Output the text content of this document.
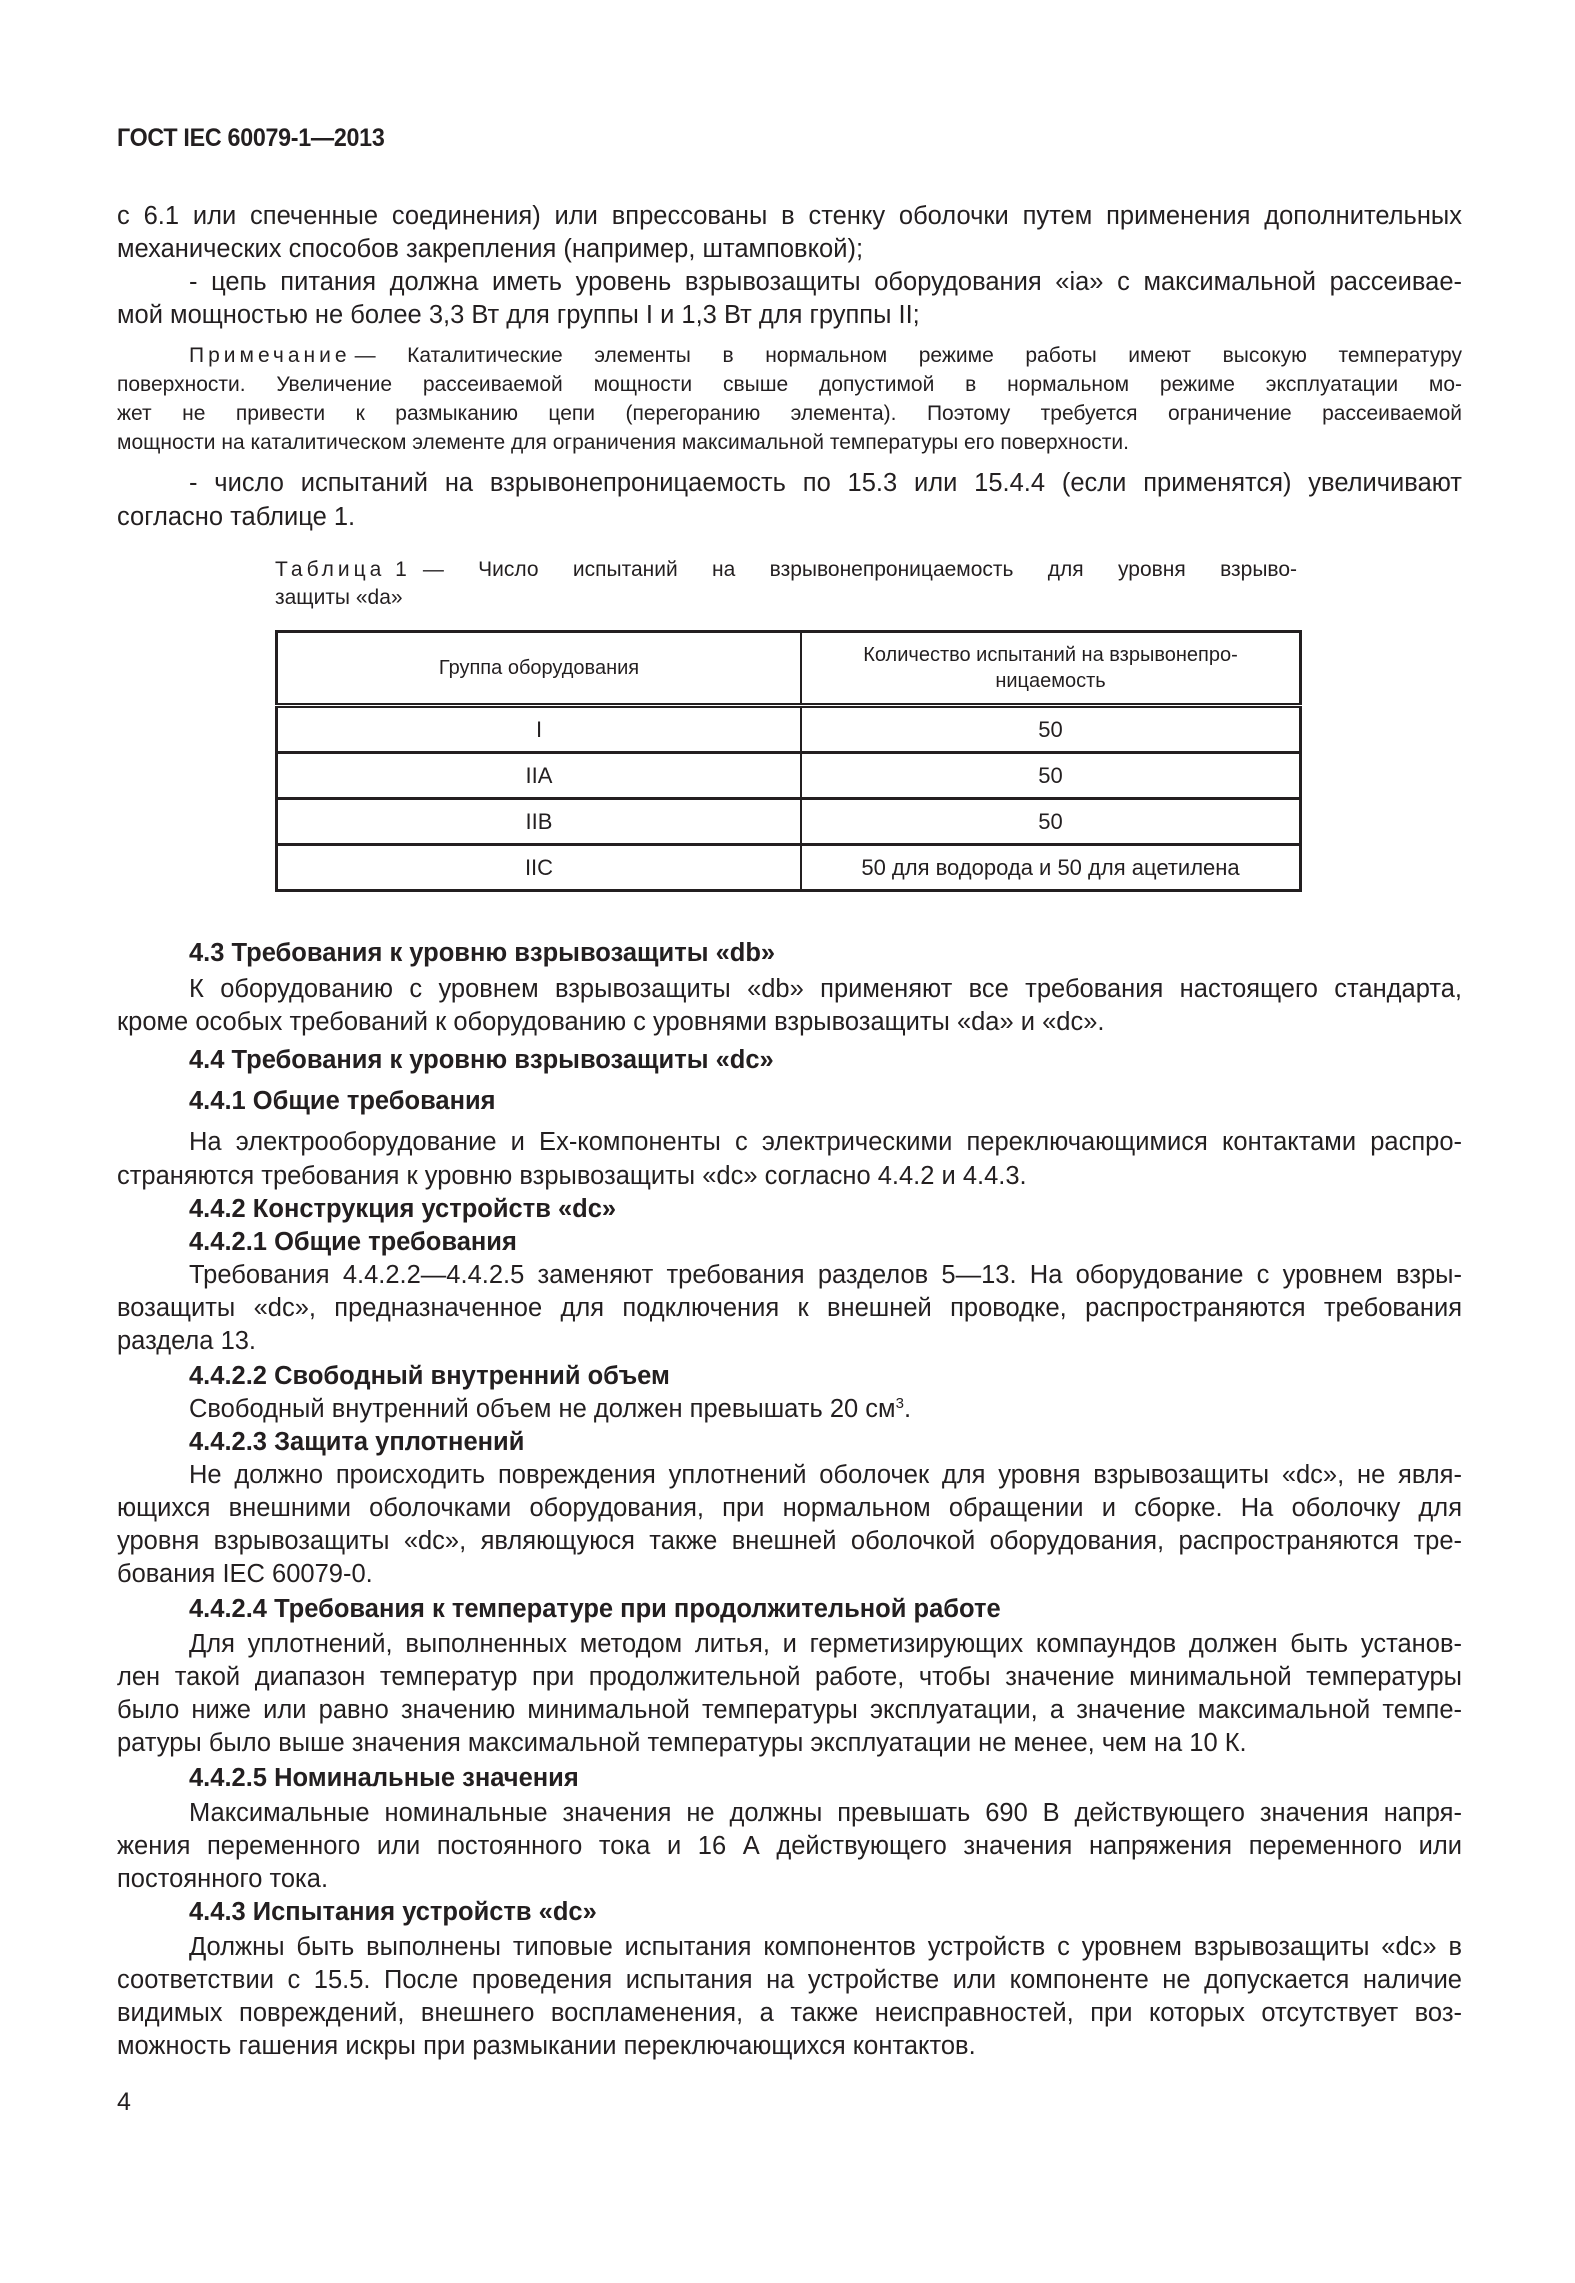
ГОСТ IEC 60079-1—2013
с 6.1 или спеченные соединения) или впрессованы в стенку оболочки путем применения дополнительных
механических способов закрепления (например, штамповкой);
- цепь питания должна иметь уровень взрывозащиты оборудования «ia» с максимальной рассеивае-
мой мощностью не более 3,3 Вт для группы I и 1,3 Вт для группы II;
Примечание — Каталитические элементы в нормальном режиме работы имеют высокую температуру
поверхности. Увеличение рассеиваемой мощности свыше допустимой в нормальном режиме эксплуатации мо-
жет не привести к размыканию цепи (перегоранию элемента). Поэтому требуется ограничение рассеиваемой
мощности на каталитическом элементе для ограничения максимальной температуры его поверхности.
- число испытаний на взрывонепроницаемость по 15.3 или 15.4.4 (если применятся) увеличивают
согласно таблице 1.
4.3 Требования к уровню взрывозащиты «db»
К оборудованию с уровнем взрывозащиты «db» применяют все требования настоящего стандарта,
кроме особых требований к оборудованию с уровнями взрывозащиты «da» и «dc».
4.4 Требования к уровню взрывозащиты «dc»
4.4.1 Общие требования
На электрооборудование и Ex-компоненты с электрическими переключающимися контактами распро-
страняются требования к уровню взрывозащиты «dc» согласно 4.4.2 и 4.4.3.
4.4.2 Конструкция устройств «dc»
4.4.2.1 Общие требования
Требования 4.4.2.2—4.4.2.5 заменяют требования разделов 5—13. На оборудование с уровнем взры-
возащиты «dc», предназначенное для подключения к внешней проводке, распространяются требования
раздела 13.
4.4.2.2 Свободный внутренний объем
Свободный внутренний объем не должен превышать 20 $см^3$.
4.4.2.3 Защита уплотнений
Не должно происходить повреждения уплотнений оболочек для уровня взрывозащиты «dc», не явля-
ющихся внешними оболочками оборудования, при нормальном обращении и сборке. На оболочку для
уровня взрывозащиты «dc», являющуюся также внешней оболочкой оборудования, распространяются тре-
бования IEC 60079-0.
4.4.2.4 Требования к температуре при продолжительной работе
Для уплотнений, выполненных методом литья, и герметизирующих компаундов должен быть установ-
лен такой диапазон температур при продолжительной работе, чтобы значение минимальной температуры
было ниже или равно значению минимальной температуры эксплуатации, а значение максимальной темпе-
ратуры было выше значения максимальной температуры эксплуатации не менее, чем на 10 К.
4.4.2.5 Номинальные значения
Максимальные номинальные значения не должны превышать 690 В действующего значения напря-
жения переменного или постоянного тока и 16 А действующего значения напряжения переменного или
постоянного тока.
4.4.3 Испытания устройств «dc»
Должны быть выполнены типовые испытания компонентов устройств с уровнем взрывозащиты «dc» в
соответствии с 15.5. После проведения испытания на устройстве или компоненте не допускается наличие
видимых повреждений, внешнего воспламенения, а также неисправностей, при которых отсутствует воз-
можность гашения искры при размыкании переключающихся контактов.
4
Таблица 1 — Число испытаний на взрывонепроницаемость для уровня взрыво-
защиты «da»
Группа оборудования	Количество испытаний на взрывонепро-
ницаемость

I	50
IIA	50
IIB	50
IIC	50 для водорода и 50 для ацетилена
